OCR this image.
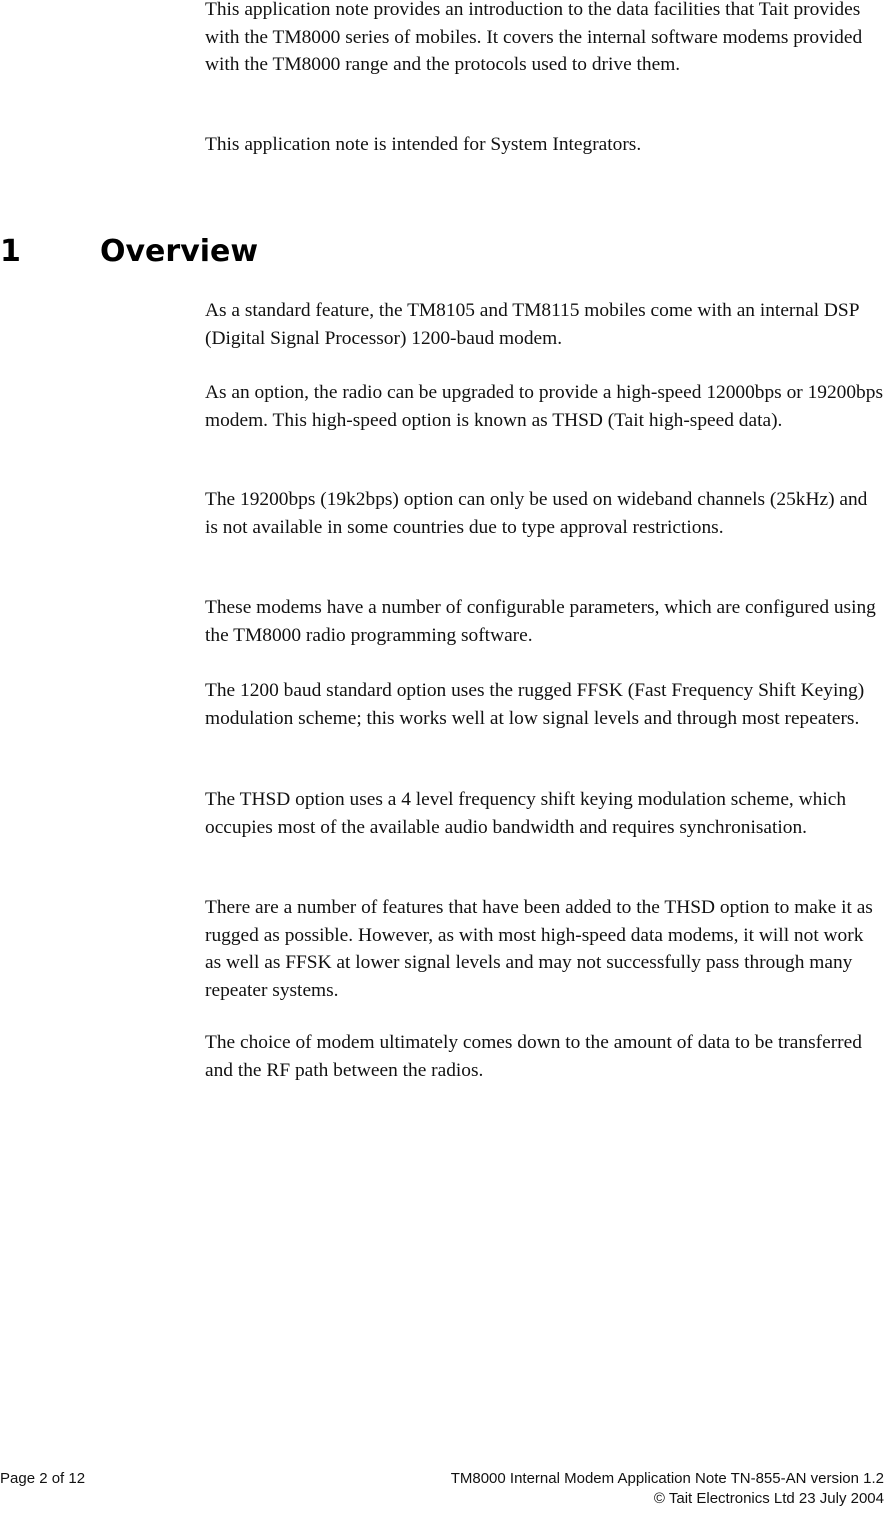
This application note provides an introduction to the data facilities that Tait provides with the TM8000 series of mobiles. It covers the internal software modems provided with the TM8000 range and the protocols used to drive them.

This application note is intended for System Integrators.

1	Overview

As a standard feature, the TM8105 and TM8115 mobiles come with an internal DSP (Digital Signal Processor) 1200-baud modem.

As an option, the radio can be upgraded to provide a high-speed 12000bps or 19200bps modem. This high-speed option is known as THSD (Tait high-speed data).

The 19200bps (19k2bps) option can only be used on wideband channels (25kHz) and is not available in some countries due to type approval restrictions.

These modems have a number of configurable parameters, which are configured using the TM8000 radio programming software.

The 1200 baud standard option uses the rugged FFSK (Fast Frequency Shift Keying) modulation scheme; this works well at low signal levels and through most repeaters.

The THSD option uses a 4 level frequency shift keying modulation scheme, which occupies most of the available audio bandwidth and requires synchronisation.

There are a number of features that have been added to the THSD option to make it as rugged as possible. However, as with most high-speed data modems, it will not work as well as FFSK at lower signal levels and may not successfully pass through many repeater systems.

The choice of modem ultimately comes down to the amount of data to be transferred and the RF path between the radios.

Page 2 of 12	TM8000 Internal Modem Application Note TN-855-AN version 1.2
© Tait Electronics Ltd 23 July 2004
